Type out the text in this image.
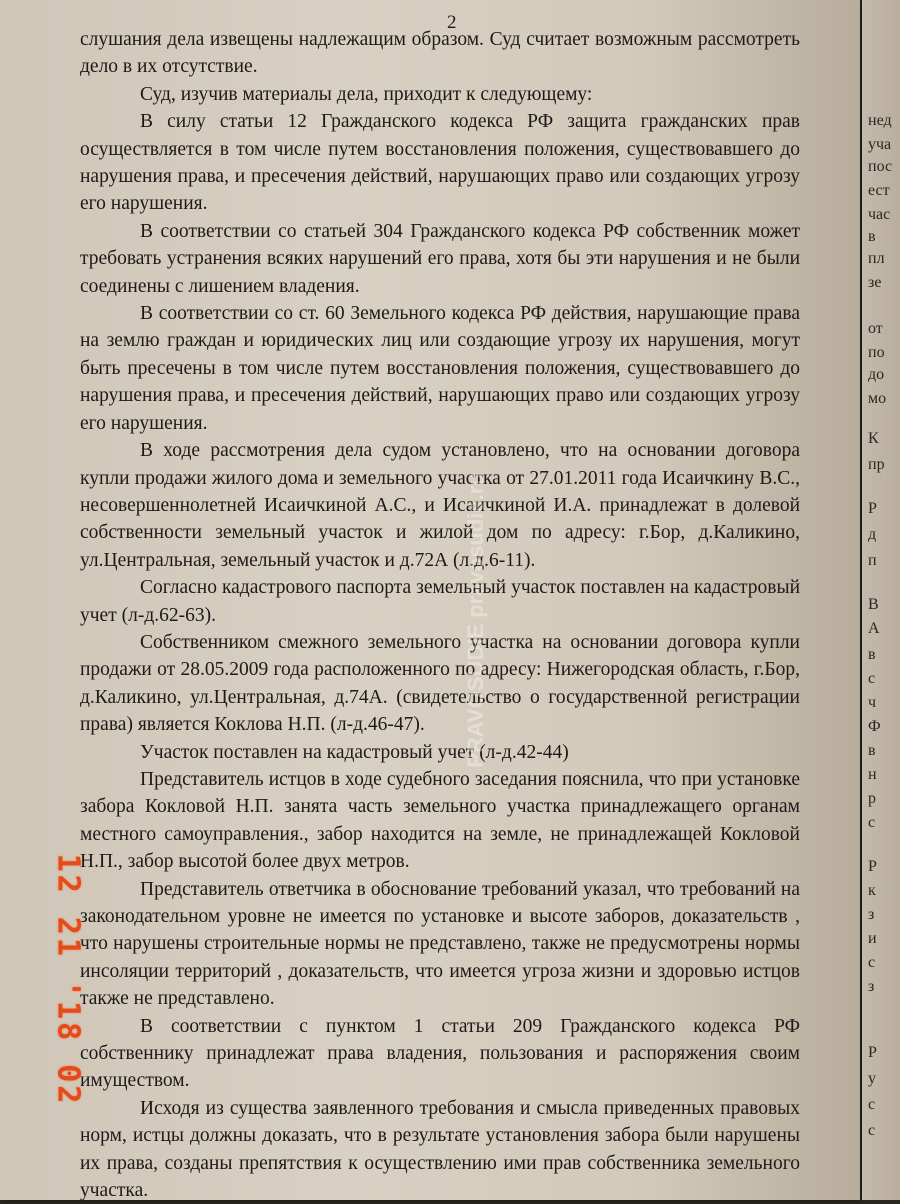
2

слушания дела извещены надлежащим образом. Суд считает возможным рассмотреть дело в их отсутствие.

Суд, изучив материалы дела, приходит к следующему:

В силу статьи 12 Гражданского кодекса РФ защита гражданских прав осуществляется в том числе путем восстановления положения, существовавшего до нарушения права, и пресечения действий, нарушающих право или создающих угрозу его нарушения.

В соответствии со статьей 304 Гражданского кодекса РФ собственник может требовать устранения всяких нарушений его права, хотя бы эти нарушения и не были соединены с лишением владения.

В соответствии со ст. 60 Земельного кодекса РФ действия, нарушающие права на землю граждан и юридических лиц или создающие угрозу их нарушения, могут быть пресечены в том числе путем восстановления положения, существовавшего до нарушения права, и пресечения действий, нарушающих право или создающих угрозу его нарушения.

В ходе рассмотрения дела судом установлено, что на основании договора купли продажи жилого дома и земельного участка от 27.01.2011 года Исаичкину В.С., несовершеннолетней Исаичкиной А.С., и Исаичкиной И.А. принадлежат в долевой собственности земельный участок и жилой дом по адресу: г.Бор, д.Каликино, ул.Центральная, земельный участок и д.72А (л.д.6-11).

Согласно кадастрового паспорта земельный участок поставлен на кадастровый учет (л-д.62-63).

Собственником смежного земельного участка на основании договора купли продажи от 28.05.2009 года расположенного по адресу: Нижегородская область, г.Бор, д.Каликино, ул.Центральная, д.74А. (свидетельство о государственной регистрации права) является Коклова Н.П. (л-д.46-47).

Участок поставлен на кадастровый учет (л-д.42-44)

Представитель истцов в ходе судебного заседания пояснила, что при установке забора Кокловой Н.П. занята часть земельного участка принадлежащего органам местного самоуправления., забор находится на земле, не принадлежащей Кокловой Н.П., забор высотой более двух метров.

Представитель ответчика в обоснование требований указал, что требований на законодательном уровне не имеется по установке и высоте заборов, доказательств , что нарушены строительные нормы не представлено, также не предусмотрены нормы инсоляции территорий , доказательств, что имеется угроза жизни и здоровью истцов также не представлено.

В соответствии с пунктом 1 статьи 209 Гражданского кодекса РФ собственнику принадлежат права владения, пользования и распоряжения своим имуществом.

Исходя из существа заявленного требования и смысла приведенных правовых норм, истцы должны доказать, что в результате установления забора были нарушены их права, созданы препятствия к осуществлению ими прав собственника земельного участка.

PRAVOSUDIE pravosudie.ru
12 21 '18 02
нед
уча
пос
ест
час
в
пл
зе
от
по
до
мо
К
пр
Р
д
п
В
А
в
с
ч
Ф
в
н
р
с
Р
к
з
и
с
з
Р
у
с
с
